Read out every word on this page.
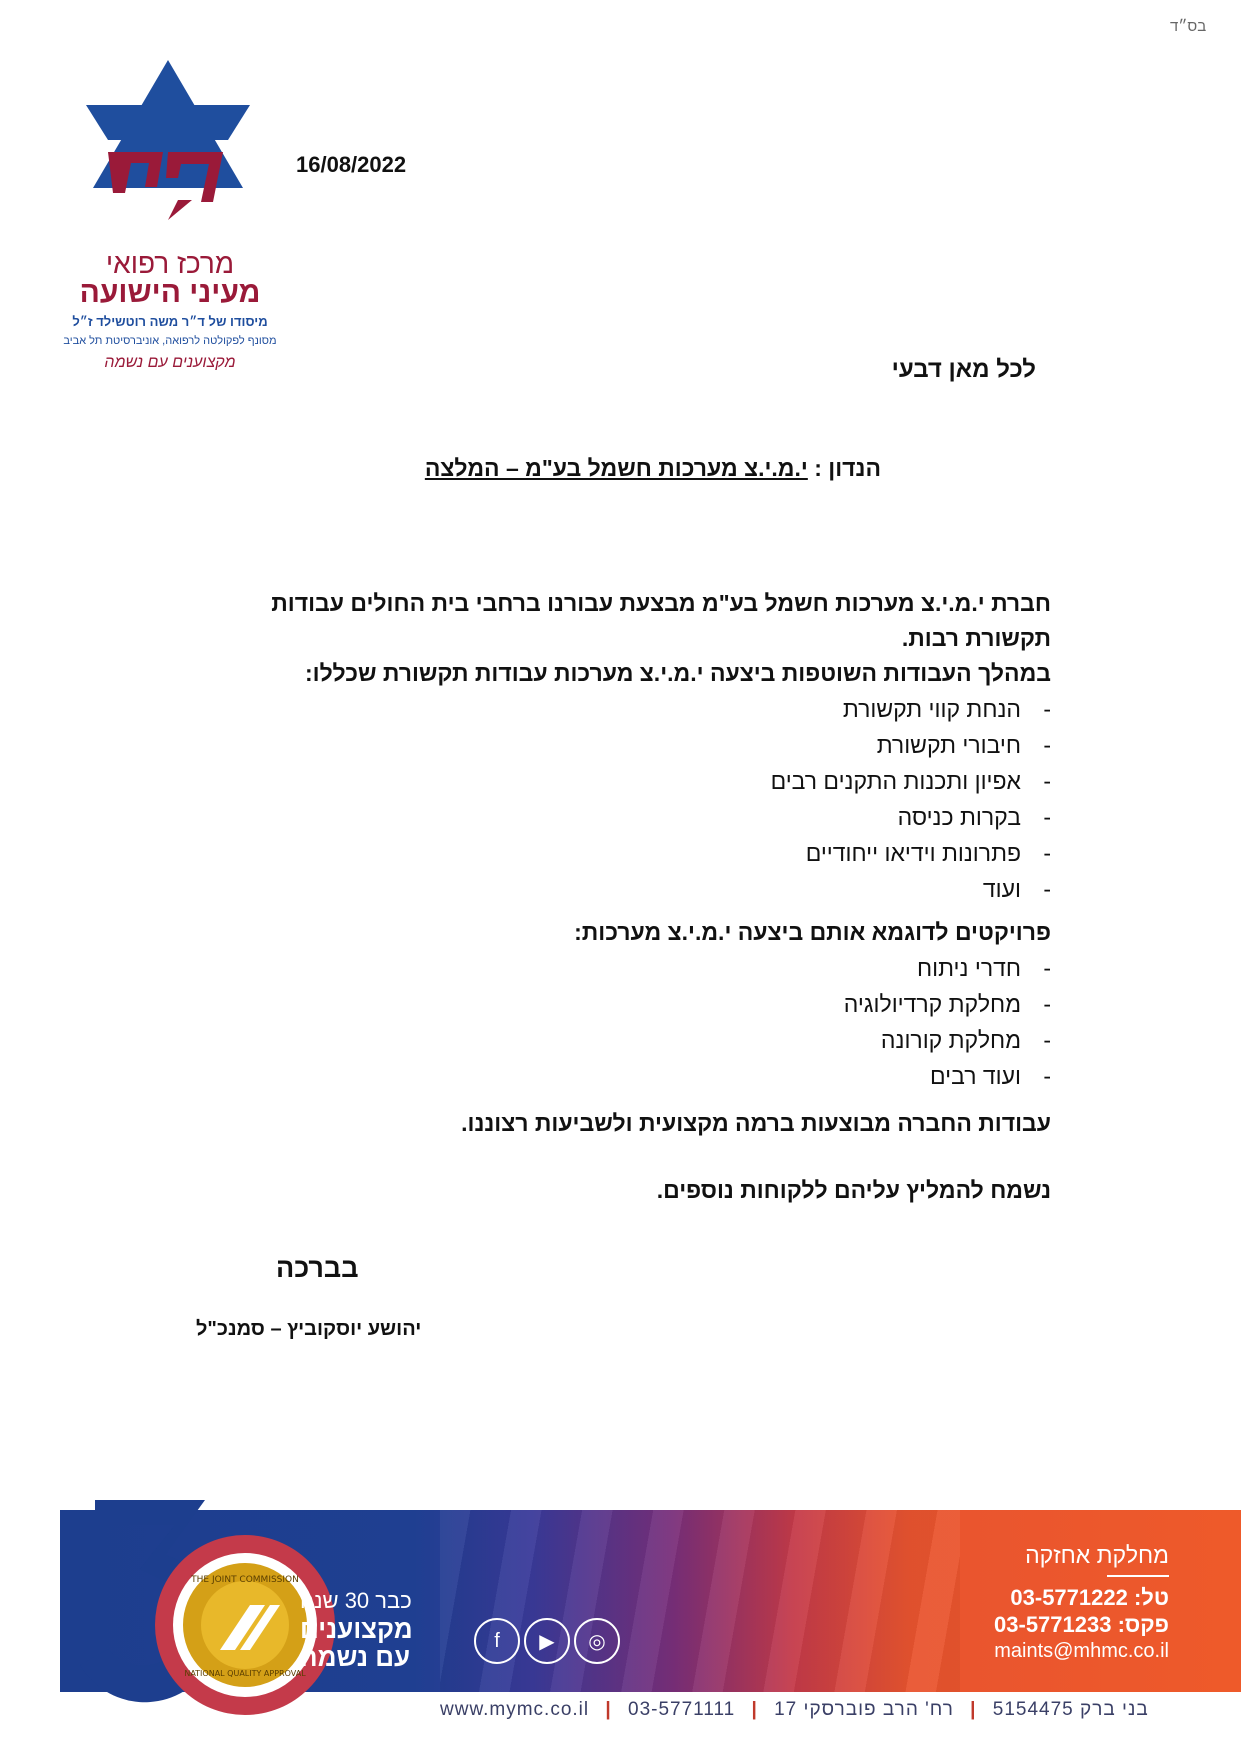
בס״ד
מרכז רפואי
מעיני הישועה
מיסודו של ד״ר משה רוטשילד ז״ל
מסונף לפקולטה לרפואה, אוניברסיטת תל אביב
מקצוענים עם נשמה
16/08/2022
לכל מאן דבעי
הנדון : י.מ.י.צ מערכות חשמל בע"מ – המלצה

חברת י.מ.י.צ מערכות חשמל בע"מ מבצעת עבורנו ברחבי בית החולים עבודות תקשורת רבות.

במהלך העבודות השוטפות ביצעה י.מ.י.צ מערכות עבודות תקשורת שכללו:

- הנחת קווי תקשורת
- חיבורי תקשורת
- אפיון ותכנות התקנים רבים
- בקרות כניסה
- פתרונות וידיאו ייחודיים
- ועוד

פרויקטים לדוגמא אותם ביצעה י.מ.י.צ מערכות:

- חדרי ניתוח
- מחלקת קרדיולוגיה
- מחלקת קורונה
- ועוד רבים

עבודות החברה מבוצעות ברמה מקצועית ולשביעות רצוננו.

נשמח להמליץ עליהם ללקוחות נוספים.

בברכה
יהושע יוסקוביץ – סמנכ"ל
THE JOINT COMMISSION
NATIONAL QUALITY APPROVAL
כבר 30 שנה
מקצוענים
עם נשמה
f	▶	◎
מחלקת אחזקה
טל: 03-5771222
פקס: 03-5771233
maints@mhmc.co.il
www.mymc.co.il | 03-5771111 |	בני ברק 5154475 | רח' הרב פוברסקי 17
